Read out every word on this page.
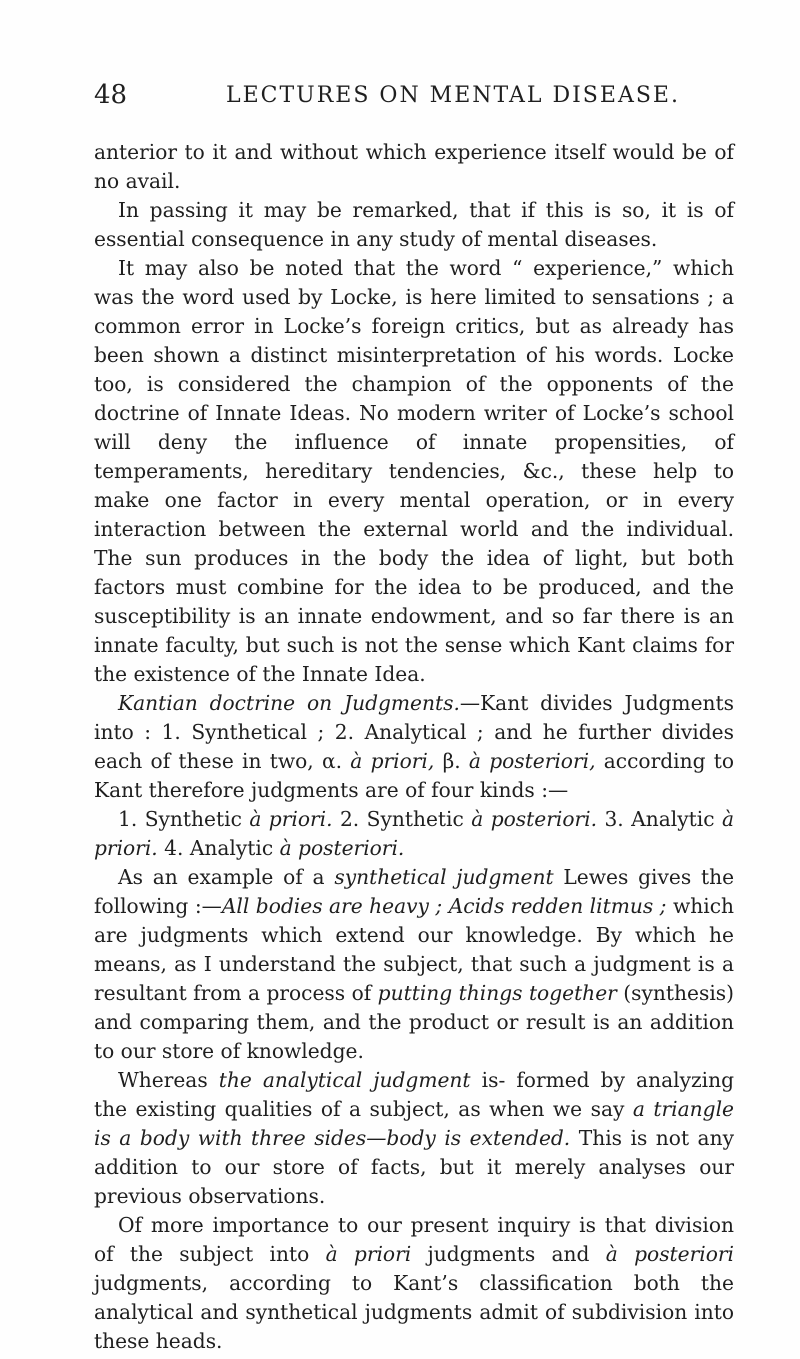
48	LECTURES ON MENTAL DISEASE.

anterior to it and without which experience itself would be of no avail.

In passing it may be remarked, that if this is so, it is of essential consequence in any study of mental diseases.

It may also be noted that the word “ experience,” which was the word used by Locke, is here limited to sensations ; a common error in Locke’s foreign critics, but as already has been shown a distinct misinterpretation of his words. Locke too, is considered the champion of the opponents of the doctrine of Innate Ideas. No modern writer of Locke’s school will deny the influence of innate propensities, of temperaments, hereditary tendencies, &c., these help to make one factor in every mental operation, or in every interaction between the external world and the individual. The sun produces in the body the idea of light, but both factors must combine for the idea to be produced, and the susceptibility is an innate endowment, and so far there is an innate faculty, but such is not the sense which Kant claims for the existence of the Innate Idea.

Kantian doctrine on Judgments.—Kant divides Judgments into : 1. Synthetical ; 2. Analytical ; and he further divides each of these in two, α. à priori, β. à posteriori, according to Kant therefore judgments are of four kinds :—

1. Synthetic à priori. 2. Synthetic à posteriori. 3. Analytic à priori. 4. Analytic à posteriori.

As an example of a synthetical judgment Lewes gives the following :—All bodies are heavy ; Acids redden litmus ; which are judgments which extend our knowledge. By which he means, as I understand the subject, that such a judgment is a resultant from a process of putting things together (synthesis) and comparing them, and the product or result is an addition to our store of knowledge.

Whereas the analytical judgment is- formed by analyzing the existing qualities of a subject, as when we say a triangle is a body with three sides—body is extended. This is not any addition to our store of facts, but it merely analyses our previous observations.

Of more importance to our present inquiry is that division of the subject into à priori judgments and à posteriori judgments, according to Kant’s classification both the analytical and synthetical judgments admit of subdivision into these heads.
